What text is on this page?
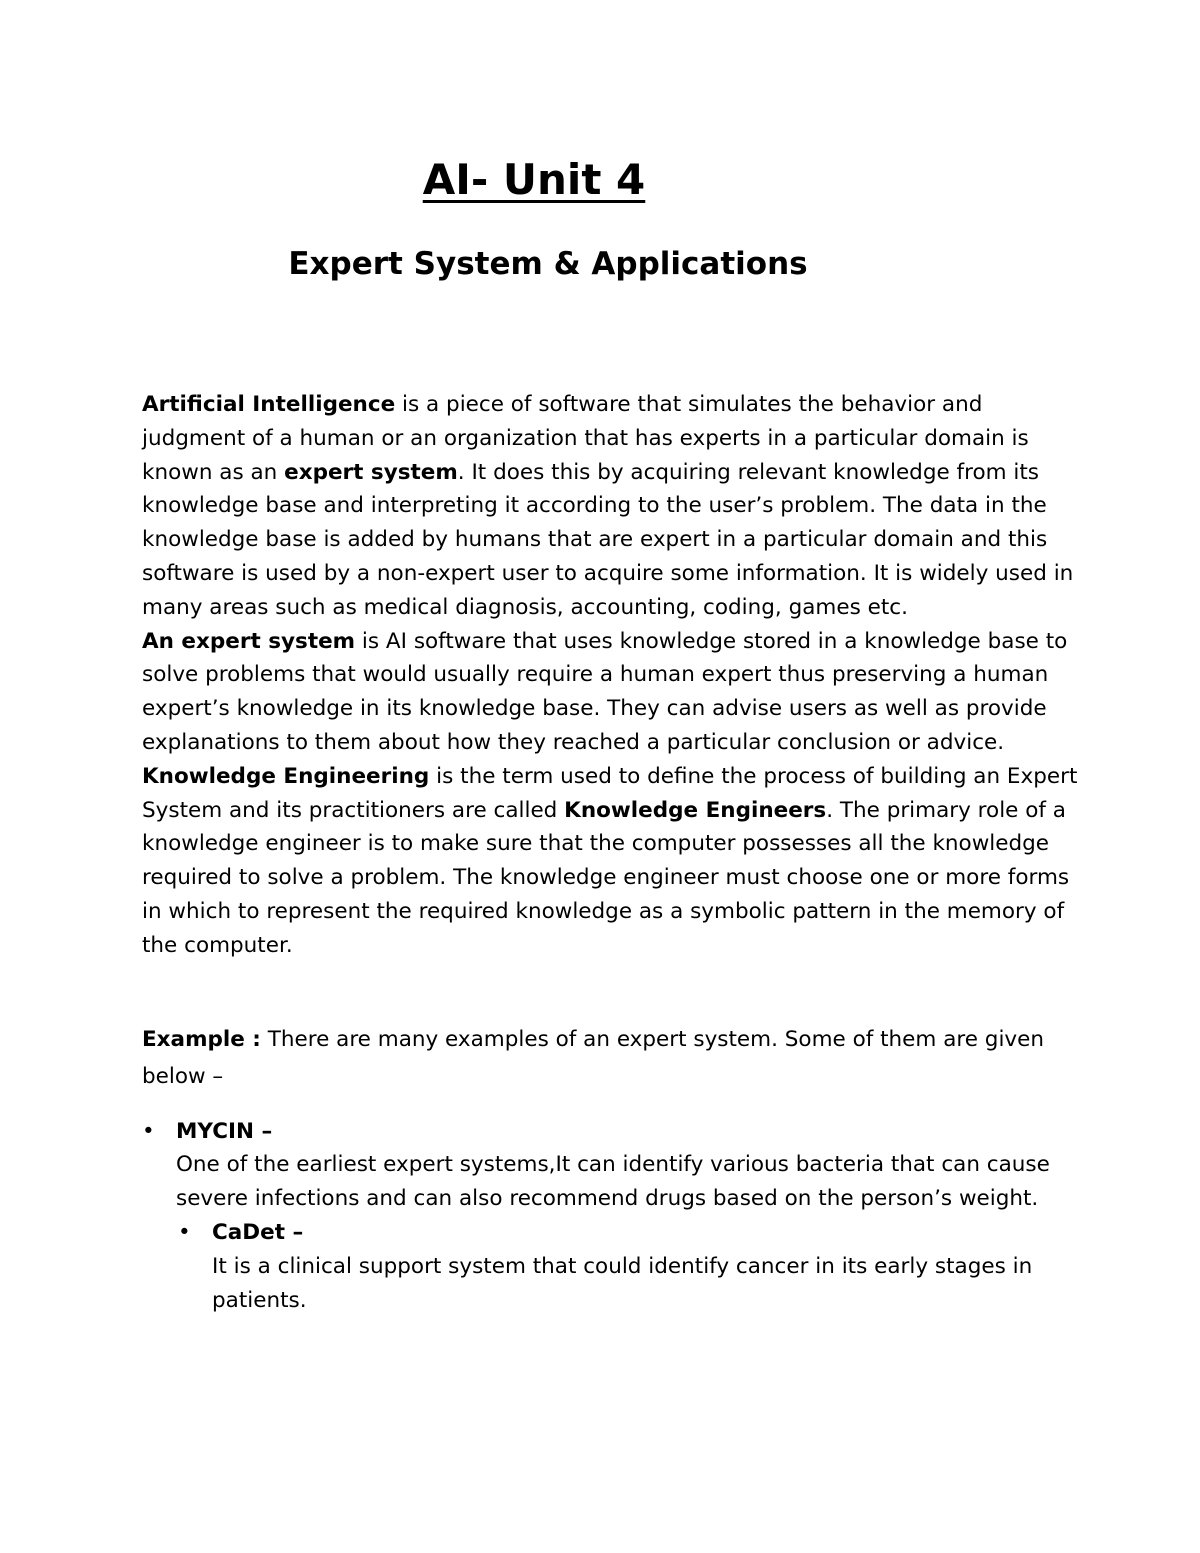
AI- Unit 4
Expert System & Applications

Artificial Intelligence is a piece of software that simulates the behavior and judgment of a human or an organization that has experts in a particular domain is known as an expert system. It does this by acquiring relevant knowledge from its knowledge base and interpreting it according to the user’s problem. The data in the knowledge base is added by humans that are expert in a particular domain and this software is used by a non-expert user to acquire some information. It is widely used in many areas such as medical diagnosis, accounting, coding, games etc.

An expert system is AI software that uses knowledge stored in a knowledge base to solve problems that would usually require a human expert thus preserving a human expert’s knowledge in its knowledge base. They can advise users as well as provide explanations to them about how they reached a particular conclusion or advice. Knowledge Engineering is the term used to define the process of building an Expert System and its practitioners are called Knowledge Engineers. The primary role of a knowledge engineer is to make sure that the computer possesses all the knowledge required to solve a problem. The knowledge engineer must choose one or more forms in which to represent the required knowledge as a symbolic pattern in the memory of the computer.

Example : There are many examples of an expert system. Some of them are given below –

• MYCIN –
One of the earliest expert systems,It can identify various bacteria that can cause severe infections and can also recommend drugs based on the person’s weight.
• CaDet –
It is a clinical support system that could identify cancer in its early stages in patients.
